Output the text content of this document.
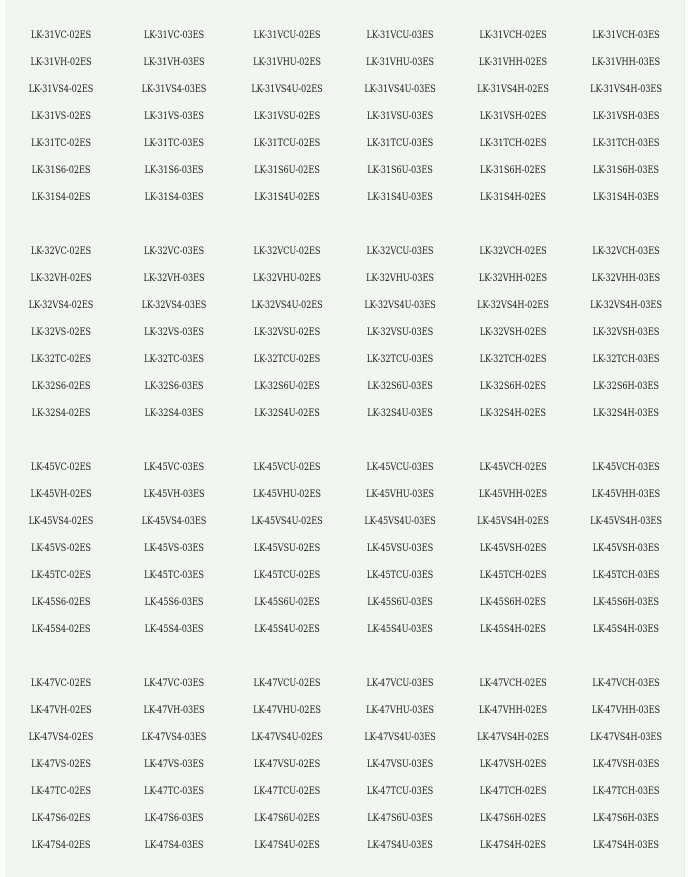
LK-31VC-02ES	LK-31VC-03ES	LK-31VCU-02ES	LK-31VCU-03ES	LK-31VCH-02ES	LK-31VCH-03ES
LK-31VH-02ES	LK-31VH-03ES	LK-31VHU-02ES	LK-31VHU-03ES	LK-31VHH-02ES	LK-31VHH-03ES
LK-31VS4-02ES	LK-31VS4-03ES	LK-31VS4U-02ES	LK-31VS4U-03ES	LK-31VS4H-02ES	LK-31VS4H-03ES
LK-31VS-02ES	LK-31VS-03ES	LK-31VSU-02ES	LK-31VSU-03ES	LK-31VSH-02ES	LK-31VSH-03ES
LK-31TC-02ES	LK-31TC-03ES	LK-31TCU-02ES	LK-31TCU-03ES	LK-31TCH-02ES	LK-31TCH-03ES
LK-31S6-02ES	LK-31S6-03ES	LK-31S6U-02ES	LK-31S6U-03ES	LK-31S6H-02ES	LK-31S6H-03ES
LK-31S4-02ES	LK-31S4-03ES	LK-31S4U-02ES	LK-31S4U-03ES	LK-31S4H-02ES	LK-31S4H-03ES
LK-32VC-02ES	LK-32VC-03ES	LK-32VCU-02ES	LK-32VCU-03ES	LK-32VCH-02ES	LK-32VCH-03ES
LK-32VH-02ES	LK-32VH-03ES	LK-32VHU-02ES	LK-32VHU-03ES	LK-32VHH-02ES	LK-32VHH-03ES
LK-32VS4-02ES	LK-32VS4-03ES	LK-32VS4U-02ES	LK-32VS4U-03ES	LK-32VS4H-02ES	LK-32VS4H-03ES
LK-32VS-02ES	LK-32VS-03ES	LK-32VSU-02ES	LK-32VSU-03ES	LK-32VSH-02ES	LK-32VSH-03ES
LK-32TC-02ES	LK-32TC-03ES	LK-32TCU-02ES	LK-32TCU-03ES	LK-32TCH-02ES	LK-32TCH-03ES
LK-32S6-02ES	LK-32S6-03ES	LK-32S6U-02ES	LK-32S6U-03ES	LK-32S6H-02ES	LK-32S6H-03ES
LK-32S4-02ES	LK-32S4-03ES	LK-32S4U-02ES	LK-32S4U-03ES	LK-32S4H-02ES	LK-32S4H-03ES
LK-45VC-02ES	LK-45VC-03ES	LK-45VCU-02ES	LK-45VCU-03ES	LK-45VCH-02ES	LK-45VCH-03ES
LK-45VH-02ES	LK-45VH-03ES	LK-45VHU-02ES	LK-45VHU-03ES	LK-45VHH-02ES	LK-45VHH-03ES
LK-45VS4-02ES	LK-45VS4-03ES	LK-45VS4U-02ES	LK-45VS4U-03ES	LK-45VS4H-02ES	LK-45VS4H-03ES
LK-45VS-02ES	LK-45VS-03ES	LK-45VSU-02ES	LK-45VSU-03ES	LK-45VSH-02ES	LK-45VSH-03ES
LK-45TC-02ES	LK-45TC-03ES	LK-45TCU-02ES	LK-45TCU-03ES	LK-45TCH-02ES	LK-45TCH-03ES
LK-45S6-02ES	LK-45S6-03ES	LK-45S6U-02ES	LK-45S6U-03ES	LK-45S6H-02ES	LK-45S6H-03ES
LK-45S4-02ES	LK-45S4-03ES	LK-45S4U-02ES	LK-45S4U-03ES	LK-45S4H-02ES	LK-45S4H-03ES
LK-47VC-02ES	LK-47VC-03ES	LK-47VCU-02ES	LK-47VCU-03ES	LK-47VCH-02ES	LK-47VCH-03ES
LK-47VH-02ES	LK-47VH-03ES	LK-47VHU-02ES	LK-47VHU-03ES	LK-47VHH-02ES	LK-47VHH-03ES
LK-47VS4-02ES	LK-47VS4-03ES	LK-47VS4U-02ES	LK-47VS4U-03ES	LK-47VS4H-02ES	LK-47VS4H-03ES
LK-47VS-02ES	LK-47VS-03ES	LK-47VSU-02ES	LK-47VSU-03ES	LK-47VSH-02ES	LK-47VSH-03ES
LK-47TC-02ES	LK-47TC-03ES	LK-47TCU-02ES	LK-47TCU-03ES	LK-47TCH-02ES	LK-47TCH-03ES
LK-47S6-02ES	LK-47S6-03ES	LK-47S6U-02ES	LK-47S6U-03ES	LK-47S6H-02ES	LK-47S6H-03ES
LK-47S4-02ES	LK-47S4-03ES	LK-47S4U-02ES	LK-47S4U-03ES	LK-47S4H-02ES	LK-47S4H-03ES
